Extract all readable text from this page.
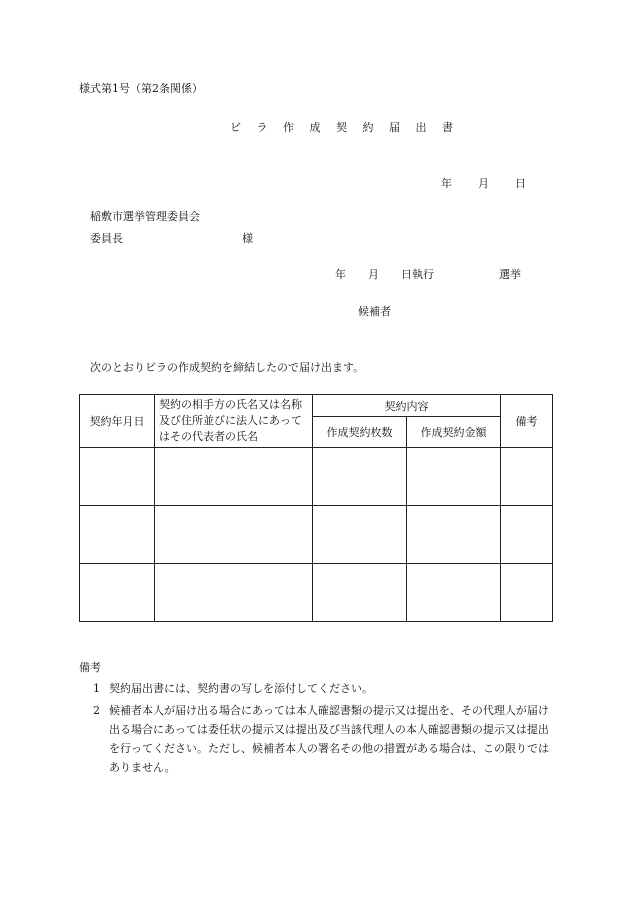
様式第1号（第2条関係）
ビ ラ 作 成 契 約 届 出 書
年 月 日
稲敷市選挙管理委員会
委員長	様
年　　月　　日執行	選挙
候補者
次のとおりビラの作成契約を締結したので届け出ます。
契約年月日	契約の相手方の氏名又は名称及び住所並びに法人にあってはその代表者の氏名	契約内容		備考
		作成契約枚数	作成契約金額	

備考
1 契約届出書には、契約書の写しを添付してください。
2 候補者本人が届け出る場合にあっては本人確認書類の提示又は提出を、その代理人が届け出る場合にあっては委任状の提示又は提出及び当該代理人の本人確認書類の提示又は提出を行ってください。ただし、候補者本人の署名その他の措置がある場合は、この限りではありません。
